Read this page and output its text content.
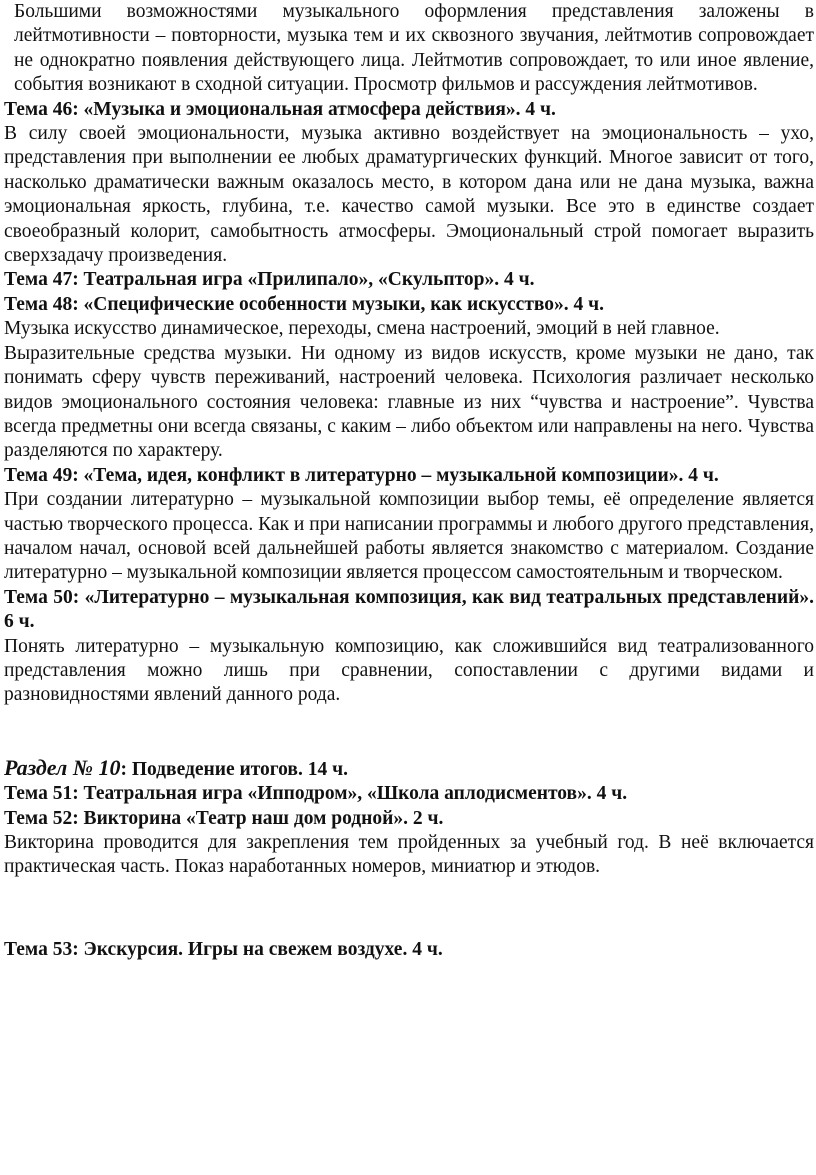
Большими возможностями музыкального оформления представления заложены в лейтмотивности – повторности, музыка тем и их сквозного звучания, лейтмотив сопровождает не однократно появления действующего лица. Лейтмотив сопровождает, то или иное явление, события возникают в сходной ситуации. Просмотр фильмов и рассуждения лейтмотивов.

Тема 46: «Музыка и эмоциональная атмосфера действия». 4 ч.

В силу своей эмоциональности, музыка активно воздействует на эмоциональность – ухо, представления при выполнении ее любых драматургических функций. Многое зависит от того, насколько драматически важным оказалось место, в котором дана или не дана музыка, важна эмоциональная яркость, глубина, т.е. качество самой музыки. Все это в единстве создает своеобразный колорит, самобытность атмосферы. Эмоциональный строй помогает выразить сверхзадачу произведения.

Тема 47: Театральная игра «Прилипало», «Скульптор». 4 ч.

Тема 48: «Специфические особенности музыки, как искусство». 4 ч.

Музыка искусство динамическое, переходы, смена настроений, эмоций в ней главное.

Выразительные средства музыки. Ни одному из видов искусств, кроме музыки не дано, так понимать сферу чувств переживаний, настроений человека. Психология различает несколько видов эмоционального состояния человека: главные из них “чувства и настроение”. Чувства всегда предметны они всегда связаны, с каким – либо объектом или направлены на него. Чувства разделяются по характеру.

Тема 49: «Тема, идея, конфликт в литературно – музыкальной композиции». 4 ч.

При создании литературно – музыкальной композиции выбор темы, её определение является частью творческого процесса. Как и при написании программы и любого другого представления, началом начал, основой всей дальнейшей работы является знакомство с материалом. Создание литературно – музыкальной композиции является процессом самостоятельным и творческом.

Тема 50: «Литературно – музыкальная композиция, как вид театральных представлений». 6 ч.

Понять литературно – музыкальную композицию, как сложившийся вид театрализованного представления можно лишь при сравнении, сопоставлении с другими видами и разновидностями явлений данного рода.

Раздел № 10: Подведение итогов. 14 ч.

Тема 51: Театральная игра «Ипподром», «Школа аплодисментов». 4 ч.

Тема 52: Викторина «Театр наш дом родной». 2 ч.

Викторина проводится для закрепления тем пройденных за учебный год. В неё включается практическая часть. Показ наработанных номеров, миниатюр и этюдов.

Тема 53: Экскурсия. Игры на свежем воздухе. 4 ч.
